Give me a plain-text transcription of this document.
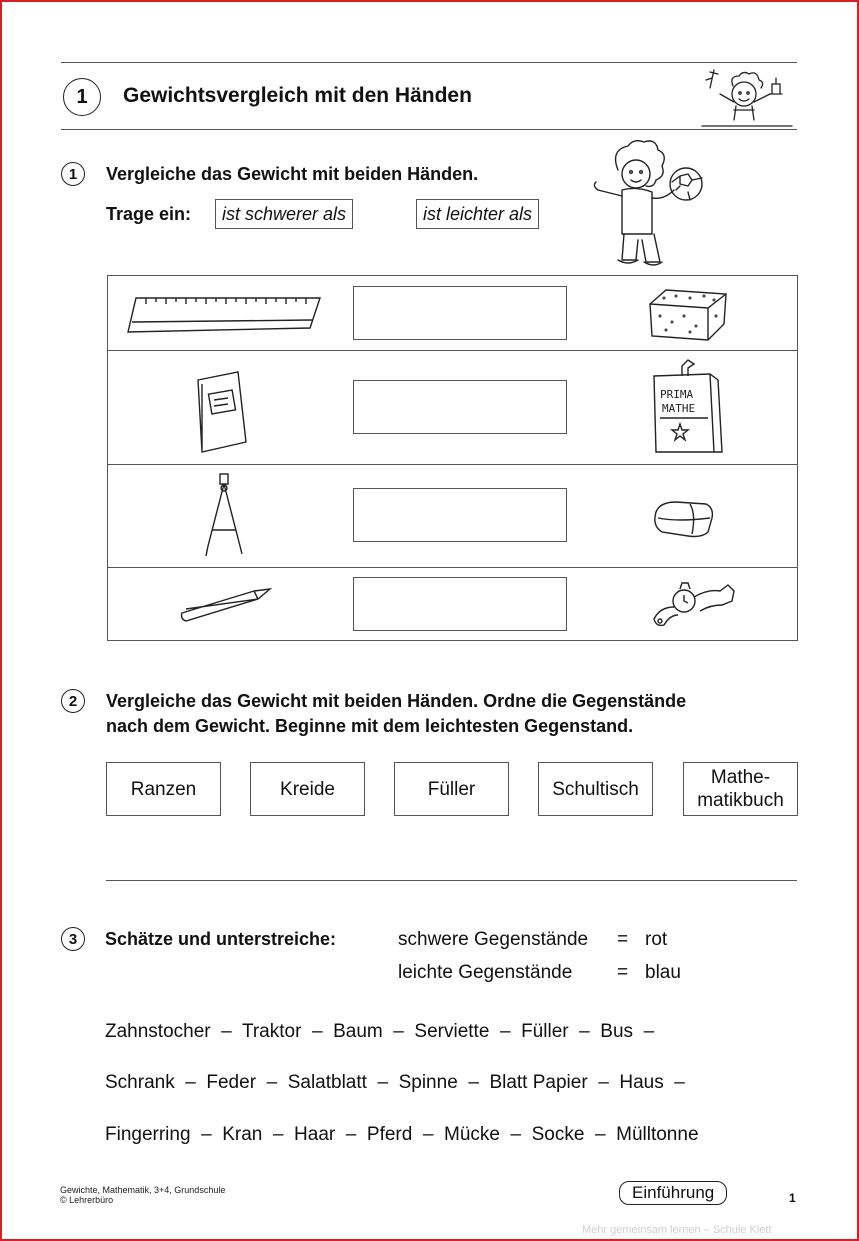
1	Gewichtsvergleich mit den Händen
1	Vergleiche das Gewicht mit beiden Händen.
Trage ein:	ist schwerer als	ist leichter als
PRIMA
MATHE
2	Vergleiche das Gewicht mit beiden Händen. Ordne die Gegenstände
nach dem Gewicht. Beginne mit dem leichtesten Gegenstand.
Ranzen	Kreide	Füller	Schultisch
Mathe-
matikbuch
3	Schätze und unterstreiche:	schwere Gegenstände = rot
leichte Gegenstände = blau
Zahnstocher  –  Traktor  –  Baum  –  Serviette  –  Füller  –  Bus  –
Schrank  –  Feder  –  Salatblatt  –  Spinne  –  Blatt Papier  –  Haus  –
Fingerring  –  Kran  –  Haar  –  Pferd  –  Mücke  –  Socke  –  Mülltonne
Gewichte, Mathematik, 3+4, Grundschule
© Lehrerbüro	Einführung	1
Mehr gemeinsam lernen – Schule Klett
